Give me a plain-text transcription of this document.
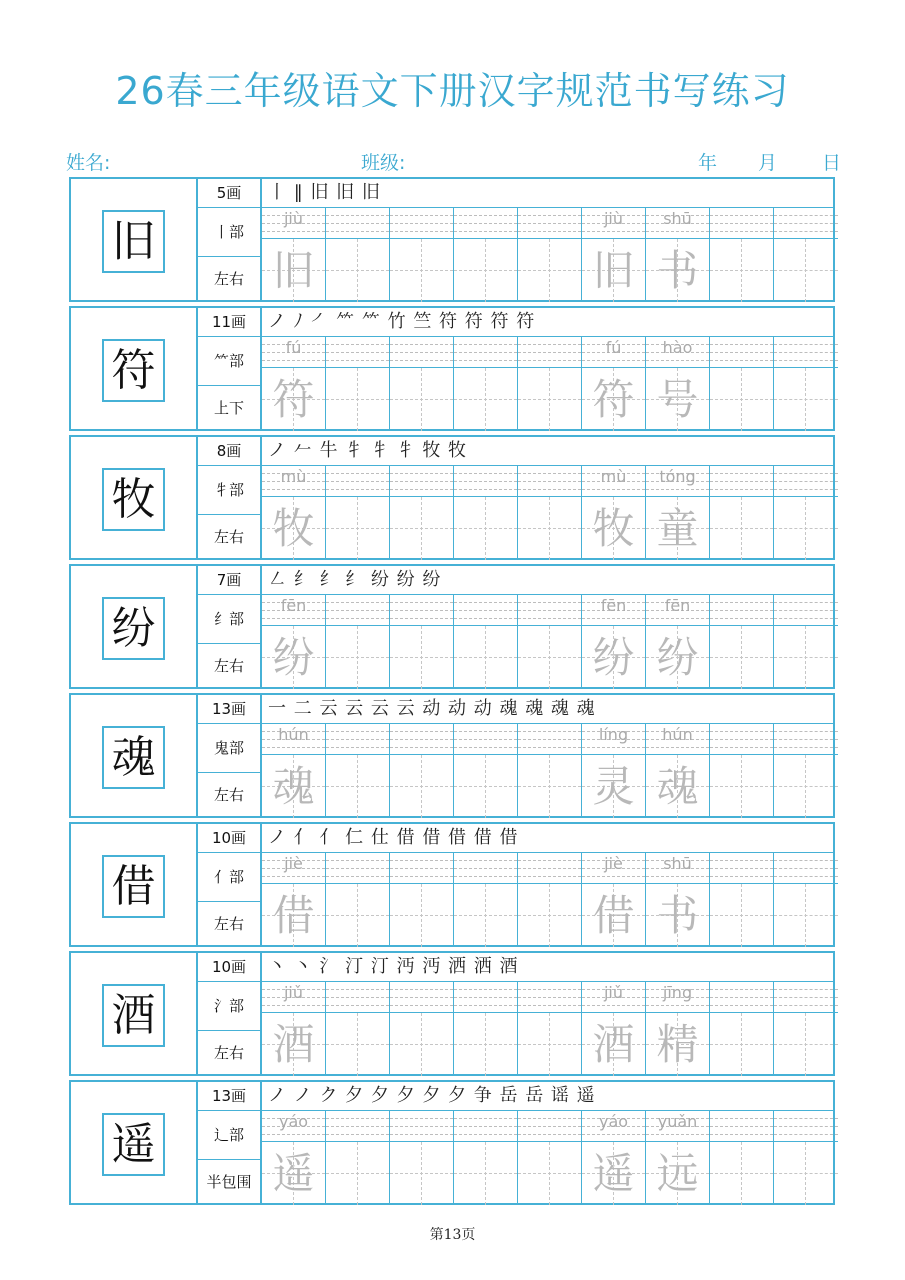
26春三年级语文下册汉字规范书写练习
姓名:	班级:	年 月 日
旧
5画
丨部
左右
丨 ‖ 旧 旧 旧
jiù
旧
jiù
旧
shū
书
符
11画
⺮部
上下
ノ ﾉ ㇒ ⺮ ⺮ 竹 竺 符 符 符 符
fú
符
fú
符
hào
号
牧
8画
牜部
左右
ノ 𠂉 牛 牜 牜 牜 牧 牧
mù
牧
mù
牧
tóng
童
纷
7画
纟部
左右
㇜ 纟 纟 纟 纷 纷 纷
fēn
纷
fēn
纷
fēn
纷
魂
13画
鬼部
左右
一 二 云 云 云 云 动 动 动 魂 魂 魂 魂
hún
魂
líng
灵
hún
魂
借
10画
亻部
左右
ノ 亻 亻 仁 仕 借 借 借 借 借
jiè
借
jiè
借
shū
书
酒
10画
氵部
左右
丶 丶 氵 汀 汀 沔 沔 洒 洒 酒
jiǔ
酒
jiǔ
酒
jīng
精
遥
13画
辶部
半包围
ノ ノ ク 夕 夕 夕 夕 夕 争 岳 岳 谣 遥
yáo
遥
yáo
遥
yuǎn
远
第13页
